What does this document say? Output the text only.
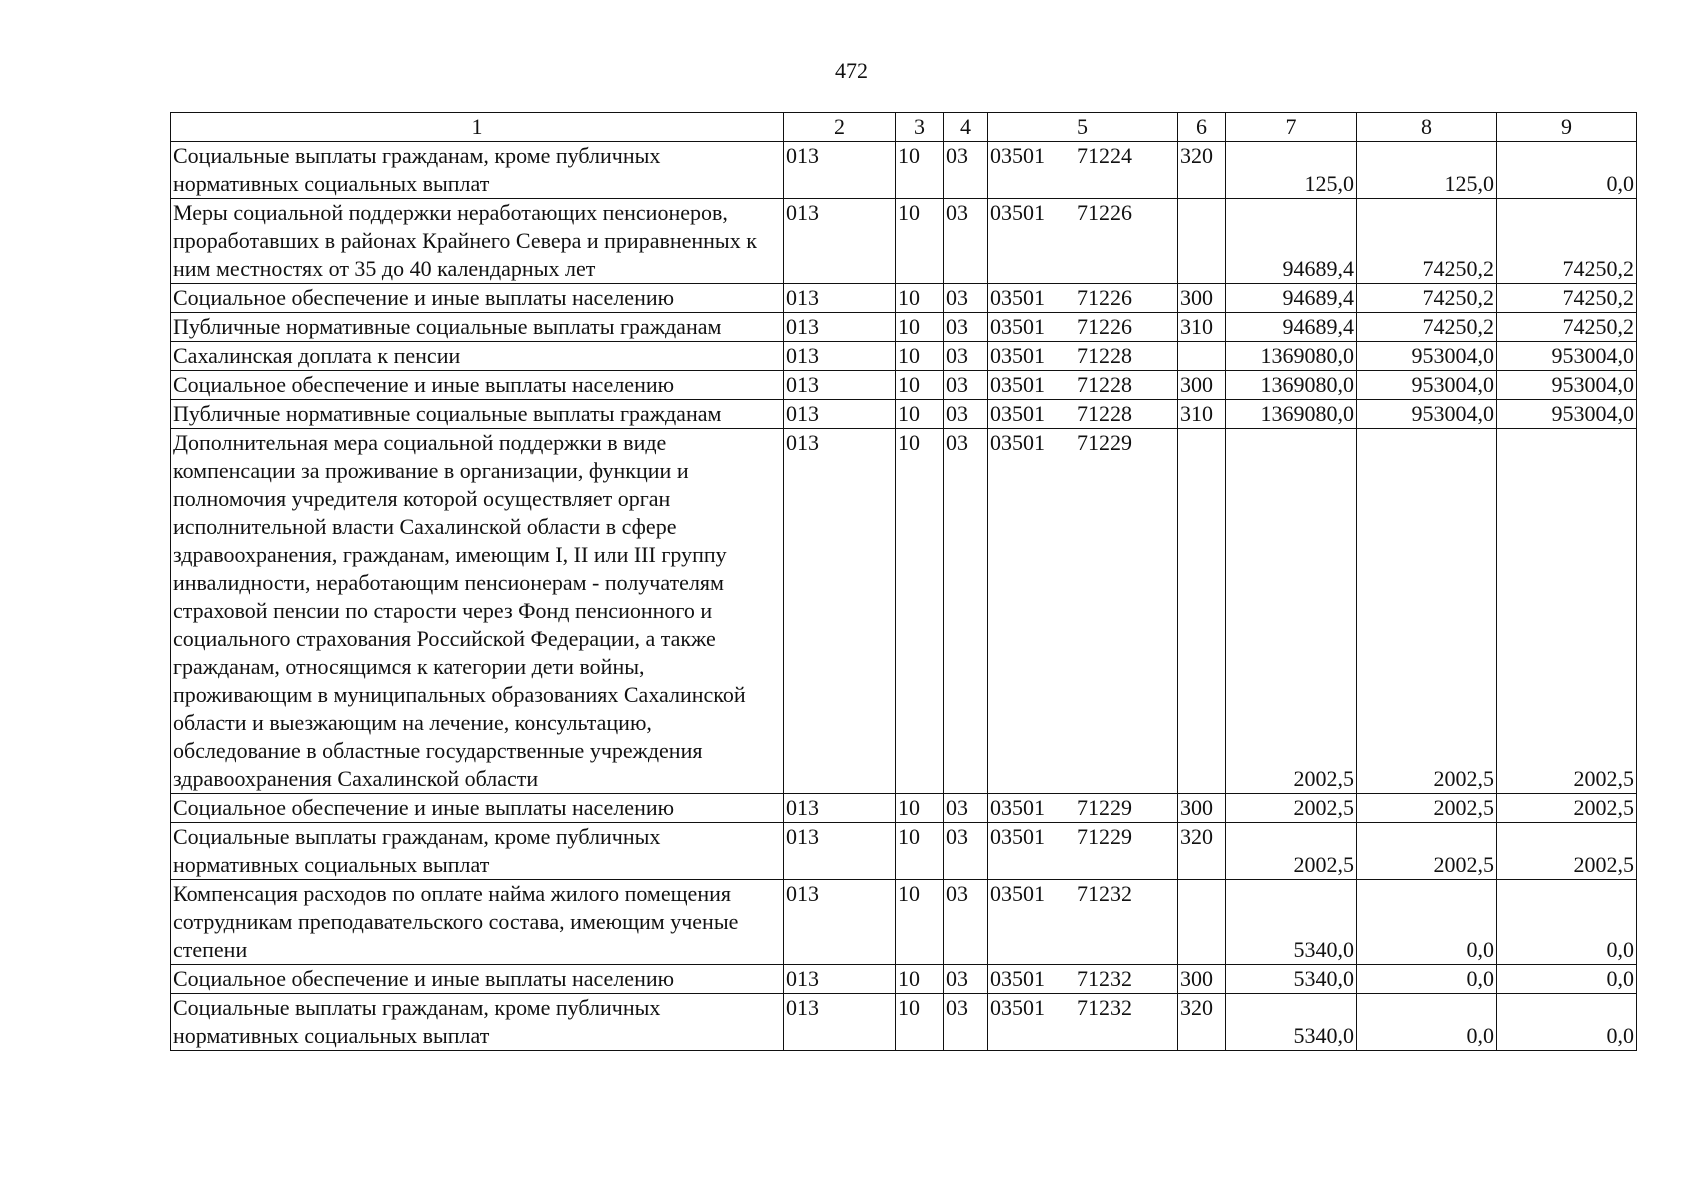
472
1	2	3	4	5	6	7	8	9
Социальные выплаты гражданам, кроме публичных нормативных социальных выплат	013	10	03	03501 71224	320	125,0	125,0	0,0
Меры социальной поддержки неработающих пенсионеров, проработавших в районах Крайнего Севера и приравненных к ним местностях от 35 до 40 календарных лет	013	10	03	03501 71226		94689,4	74250,2	74250,2
Социальное обеспечение и иные выплаты населению	013	10	03	03501 71226	300	94689,4	74250,2	74250,2
Публичные нормативные социальные выплаты гражданам	013	10	03	03501 71226	310	94689,4	74250,2	74250,2
Сахалинская доплата к пенсии	013	10	03	03501 71228		1369080,0	953004,0	953004,0
Социальное обеспечение и иные выплаты населению	013	10	03	03501 71228	300	1369080,0	953004,0	953004,0
Публичные нормативные социальные выплаты гражданам	013	10	03	03501 71228	310	1369080,0	953004,0	953004,0
Дополнительная мера социальной поддержки в виде компенсации за проживание в организации, функции и полномочия учредителя которой осуществляет орган исполнительной власти Сахалинской области в сфере здравоохранения, гражданам, имеющим I, II или III группу инвалидности, неработающим пенсионерам - получателям страховой пенсии по старости через Фонд пенсионного и социального страхования Российской Федерации, а также гражданам, относящимся к категории дети войны, проживающим в муниципальных образованиях Сахалинской области и выезжающим на лечение, консультацию, обследование в областные государственные учреждения здравоохранения Сахалинской области	013	10	03	03501 71229		2002,5	2002,5	2002,5
Социальное обеспечение и иные выплаты населению	013	10	03	03501 71229	300	2002,5	2002,5	2002,5
Социальные выплаты гражданам, кроме публичных нормативных социальных выплат	013	10	03	03501 71229	320	2002,5	2002,5	2002,5
Компенсация расходов по оплате найма жилого помещения сотрудникам преподавательского состава, имеющим ученые степени	013	10	03	03501 71232		5340,0	0,0	0,0
Социальное обеспечение и иные выплаты населению	013	10	03	03501 71232	300	5340,0	0,0	0,0
Социальные выплаты гражданам, кроме публичных нормативных социальных выплат	013	10	03	03501 71232	320	5340,0	0,0	0,0
